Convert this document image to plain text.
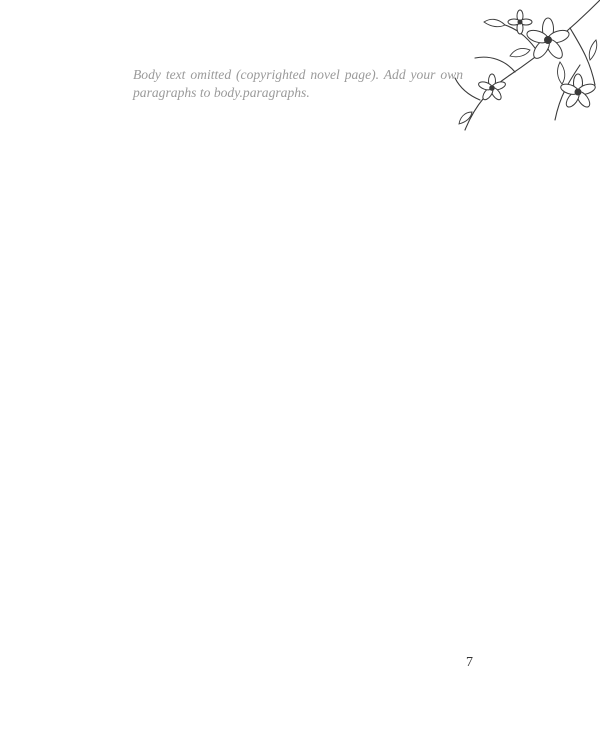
Body text omitted (copyrighted novel page). Add your own paragraphs to body.paragraphs.

7
